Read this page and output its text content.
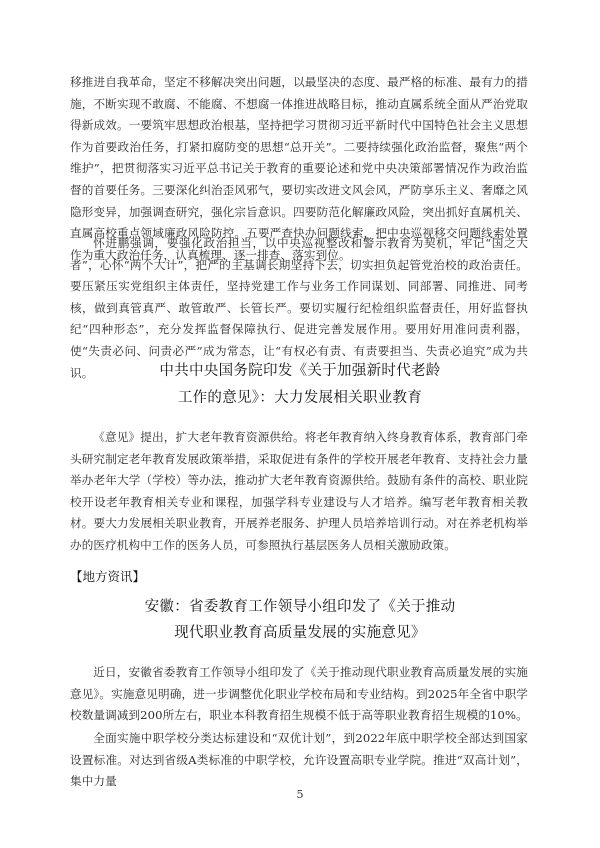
移推进自我革命，坚定不移解决突出问题，以最坚决的态度、最严格的标准、最有力的措施，不断实现不敢腐、不能腐、不想腐一体推进战略目标，推动直属系统全面从严治党取得新成效。一要筑牢思想政治根基，坚持把学习贯彻习近平新时代中国特色社会主义思想作为首要政治任务，打紧扣腐防变的思想“总开关”。二要持续强化政治监督，聚焦“两个维护”，把贯彻落实习近平总书记关于教育的重要论述和党中央决策部署情况作为政治监督的首要任务。三要深化纠治歪风邪气，要切实改进文风会风，严防享乐主义、奢靡之风隐形变异，加强调查研究，强化宗旨意识。四要防范化解廉政风险，突出抓好直属机关、直属高校重点领域廉政风险防控。五要严查快办问题线索，把中央巡视移交问题线索处置作为重大政治任务，认真梳理、逐一排查、落实到位。

怀进鹏强调，要强化政治担当，以中央巡视整改和警示教育为契机，牢记“国之大者”，心怀“两个大计”，把严的主基调长期坚持下去，切实担负起管党治校的政治责任。要压紧压实党组织主体责任，坚持党建工作与业务工作同谋划、同部署、同推进、同考核，做到真管真严、敢管敢严、长管长严。要切实履行纪检组织监督责任，用好监督执纪“四种形态”，充分发挥监督保障执行、促进完善发展作用。要用好用准问责利器，使“失责必问、问责必严”成为常态，让“有权必有责、有责要担当、失责必追究”成为共识。	中共中央国务院印发《关于加强新时代老龄

工作的意见》：大力发展相关职业教育

《意见》提出，扩大老年教育资源供给。将老年教育纳入终身教育体系，教育部门牵头研究制定老年教育发展政策举措，采取促进有条件的学校开展老年教育、支持社会力量举办老年大学（学校）等办法，推动扩大老年教育资源供给。鼓励有条件的高校、职业院校开设老年教育相关专业和课程，加强学科专业建设与人才培养。编写老年教育相关教材。要大力发展相关职业教育，开展养老服务、护理人员培养培训行动。对在养老机构举办的医疗机构中工作的医务人员，可参照执行基层医务人员相关激励政策。

【地方资讯】

安徽：省委教育工作领导小组印发了《关于推动

现代职业教育高质量发展的实施意见》

近日，安徽省委教育工作领导小组印发了《关于推动现代职业教育高质量发展的实施意见》。实施意见明确，进一步调整优化职业学校布局和专业结构。到2025年全省中职学校数量调减到200所左右，职业本科教育招生规模不低于高等职业教育招生规模的10%。

全面实施中职学校分类达标建设和“双优计划”，到2022年底中职学校全部达到国家设置标准。对达到省级A类标准的中职学校，允许设置高职专业学院。推进“双高计划”，集中力量

5
